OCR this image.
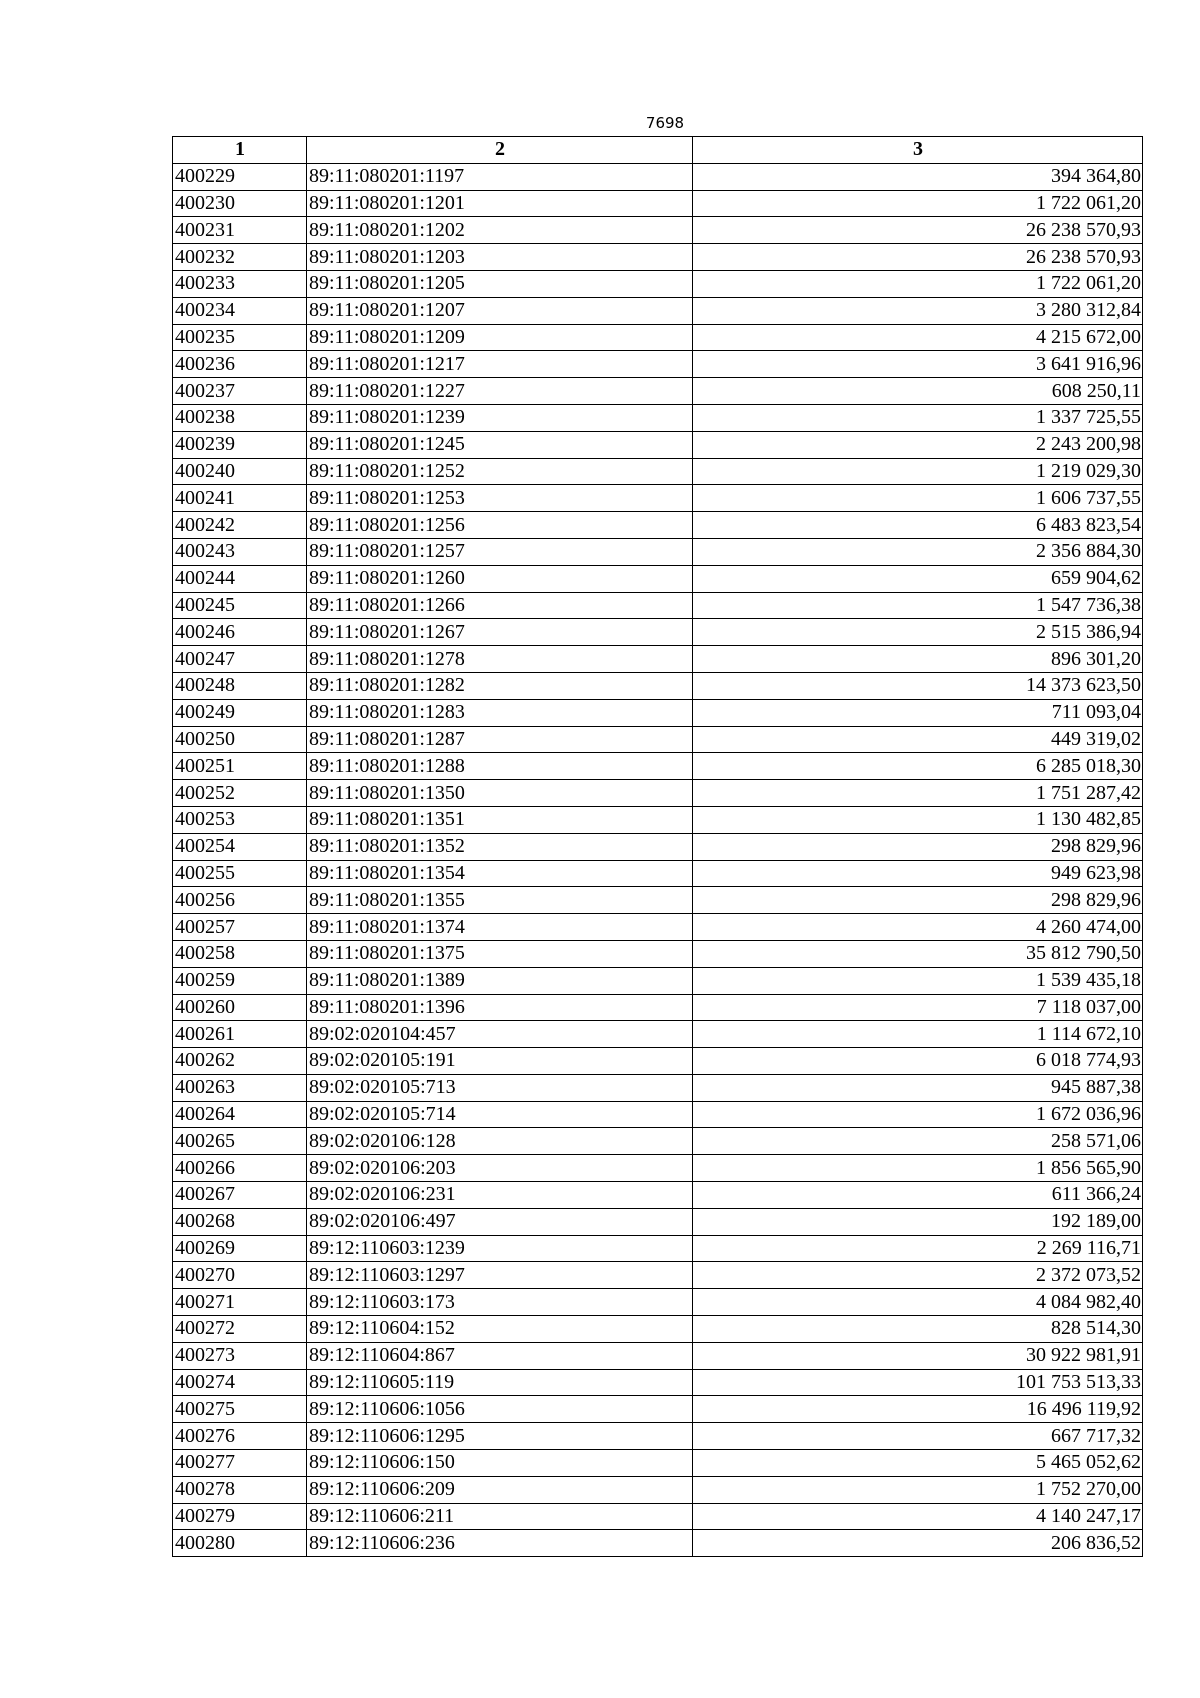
7698
1	2	3
400229	89:11:080201:1197	394 364,80
400230	89:11:080201:1201	1 722 061,20
400231	89:11:080201:1202	26 238 570,93
400232	89:11:080201:1203	26 238 570,93
400233	89:11:080201:1205	1 722 061,20
400234	89:11:080201:1207	3 280 312,84
400235	89:11:080201:1209	4 215 672,00
400236	89:11:080201:1217	3 641 916,96
400237	89:11:080201:1227	608 250,11
400238	89:11:080201:1239	1 337 725,55
400239	89:11:080201:1245	2 243 200,98
400240	89:11:080201:1252	1 219 029,30
400241	89:11:080201:1253	1 606 737,55
400242	89:11:080201:1256	6 483 823,54
400243	89:11:080201:1257	2 356 884,30
400244	89:11:080201:1260	659 904,62
400245	89:11:080201:1266	1 547 736,38
400246	89:11:080201:1267	2 515 386,94
400247	89:11:080201:1278	896 301,20
400248	89:11:080201:1282	14 373 623,50
400249	89:11:080201:1283	711 093,04
400250	89:11:080201:1287	449 319,02
400251	89:11:080201:1288	6 285 018,30
400252	89:11:080201:1350	1 751 287,42
400253	89:11:080201:1351	1 130 482,85
400254	89:11:080201:1352	298 829,96
400255	89:11:080201:1354	949 623,98
400256	89:11:080201:1355	298 829,96
400257	89:11:080201:1374	4 260 474,00
400258	89:11:080201:1375	35 812 790,50
400259	89:11:080201:1389	1 539 435,18
400260	89:11:080201:1396	7 118 037,00
400261	89:02:020104:457	1 114 672,10
400262	89:02:020105:191	6 018 774,93
400263	89:02:020105:713	945 887,38
400264	89:02:020105:714	1 672 036,96
400265	89:02:020106:128	258 571,06
400266	89:02:020106:203	1 856 565,90
400267	89:02:020106:231	611 366,24
400268	89:02:020106:497	192 189,00
400269	89:12:110603:1239	2 269 116,71
400270	89:12:110603:1297	2 372 073,52
400271	89:12:110603:173	4 084 982,40
400272	89:12:110604:152	828 514,30
400273	89:12:110604:867	30 922 981,91
400274	89:12:110605:119	101 753 513,33
400275	89:12:110606:1056	16 496 119,92
400276	89:12:110606:1295	667 717,32
400277	89:12:110606:150	5 465 052,62
400278	89:12:110606:209	1 752 270,00
400279	89:12:110606:211	4 140 247,17
400280	89:12:110606:236	206 836,52
